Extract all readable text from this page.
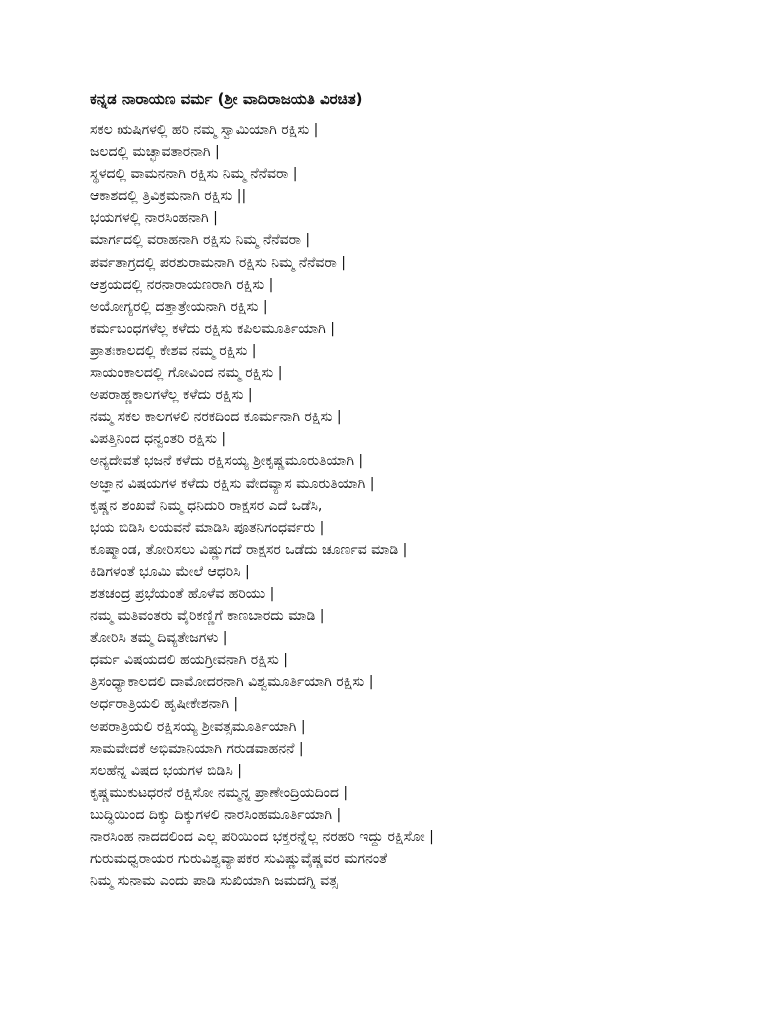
ಕನ್ನಡ ನಾರಾಯಣ ವರ್ಮ (ಶ್ರೀ ವಾದಿರಾಜಯತಿ ವಿರಚಿತ)
ಸಕಲ ಋಷಿಗಳಲ್ಲಿ ಹರಿ ನಮ್ಮ ಸ್ವಾಮಿಯಾಗಿ ರಕ್ಷಿಸು |
ಜಲದಲ್ಲಿ ಮಚ್ಛಾವತಾರನಾಗಿ |
ಸ್ಥಳದಲ್ಲಿ ವಾಮನನಾಗಿ ರಕ್ಷಿಸು ನಿಮ್ಮ ನೆನೆವರಾ |
ಆಕಾಶದಲ್ಲಿ ತ್ರಿವಿಕ್ರಮನಾಗಿ ರಕ್ಷಿಸು ||
ಭಯಗಳಲ್ಲಿ ನಾರಸಿಂಹನಾಗಿ |
ಮಾರ್ಗದಲ್ಲಿ ವರಾಹನಾಗಿ ರಕ್ಷಿಸು ನಿಮ್ಮ ನೆನೆವರಾ |
ಪರ್ವತಾಗ್ರದಲ್ಲಿ ಪರಶುರಾಮನಾಗಿ ರಕ್ಷಿಸು ನಿಮ್ಮ ನೆನೆವರಾ |
ಆಶ್ರಯದಲ್ಲಿ ನರನಾರಾಯಣರಾಗಿ ರಕ್ಷಿಸು |
ಅಯೋಗ್ಯರಲ್ಲಿ ದತ್ತಾತ್ರೇಯನಾಗಿ ರಕ್ಷಿಸು |
ಕರ್ಮಬಂಧಗಳೆಲ್ಲ ಕಳೆದು ರಕ್ಷಿಸು ಕಪಿಲಮೂರ್ತಿಯಾಗಿ |
ಪ್ರಾತಃಕಾಲದಲ್ಲಿ ಕೇಶವ ನಮ್ಮ ರಕ್ಷಿಸು |
ಸಾಯಂಕಾಲದಲ್ಲಿ ಗೋವಿಂದ ನಮ್ಮ ರಕ್ಷಿಸು |
ಅಪರಾಹ್ಣಕಾಲಗಳೆಲ್ಲ ಕಳೆದು ರಕ್ಷಿಸು |
ನಮ್ಮ ಸಕಲ ಕಾಲಗಳಲಿ ನರಕದಿಂದ ಕೂರ್ಮನಾಗಿ ರಕ್ಷಿಸು |
ವಿಪತ್ತಿನಿಂದ ಧನ್ವಂತರಿ ರಕ್ಷಿಸು |
ಅನ್ಯದೇವತೆ ಭಜನೆ ಕಳೆದು ರಕ್ಷಿಸಯ್ಯ ಶ್ರೀಕೃಷ್ಣಮೂರುತಿಯಾಗಿ |
ಅಜ್ಞಾನ ವಿಷಯಗಳ ಕಳೆದು ರಕ್ಷಿಸು ವೇದವ್ಯಾಸ ಮೂರುತಿಯಾಗಿ |
ಕೃಷ್ಣನ ಶಂಖವೆ ನಿಮ್ಮ ಧನಿದುರಿ ರಾಕ್ಷಸರ ಎದೆ ಒಡೆಸಿ,
ಭಯ ಬಿಡಿಸಿ ಲಯವನೆ ಮಾಡಿಸಿ ಪೂತನಿಗಂಧರ್ವರು |
ಕೂಷ್ಮಾಂಡ, ತೋರಿಸಲು ವಿಷ್ಣುಗದೆ ರಾಕ್ಷಸರ ಒಡೆದು ಚೂರ್ಣವ ಮಾಡಿ |
ಕಿಡಿಗಳಂತೆ ಭೂಮಿ ಮೇಲೆ ಆಧರಿಸಿ |
ಶತಚಂದ್ರ ಪ್ರಭೆಯಂತೆ ಹೊಳೆವ ಹರಿಯು |
ನಮ್ಮ ಮತಿವಂತರು ವೈರಿಕಣ್ಣಿಗೆ ಕಾಣಬಾರದು ಮಾಡಿ |
ತೋರಿಸಿ ತಮ್ಮ ದಿವ್ಯತೇಜಗಳು |
ಧರ್ಮ ವಿಷಯದಲಿ ಹಯಗ್ರೀವನಾಗಿ ರಕ್ಷಿಸು |
ತ್ರಿಸಂಧ್ಯಾಕಾಲದಲಿ ದಾಮೋದರನಾಗಿ ವಿಶ್ವಮೂರ್ತಿಯಾಗಿ ರಕ್ಷಿಸು |
ಅರ್ಧರಾತ್ರಿಯಲಿ ಹೃಷೀಕೇಶನಾಗಿ |
ಅಪರಾತ್ರಿಯಲಿ ರಕ್ಷಿಸಯ್ಯ ಶ್ರೀವತ್ಸಮೂರ್ತಿಯಾಗಿ |
ಸಾಮವೇದಕೆ ಅಭಿಮಾನಿಯಾಗಿ ಗರುಡವಾಹನನೆ |
ಸಲಹೆನ್ನ ವಿಷದ ಭಯಗಳ ಬಿಡಿಸಿ |
ಕೃಷ್ಣಮುಕುಟಧರನೆ ರಕ್ಷಿಸೋ ನಮ್ಮನ್ನ ಪ್ರಾಣೇಂದ್ರಿಯದಿಂದ |
ಬುದ್ಧಿಯಿಂದ ದಿಕ್ಕು ದಿಕ್ಕುಗಳಲಿ ನಾರಸಿಂಹಮೂರ್ತಿಯಾಗಿ |
ನಾರಸಿಂಹ ನಾದದಲಿಂದ ಎಲ್ಲ ಪರಿಯಿಂದ ಭಕ್ತರನ್ನೆಲ್ಲ ನರಹರಿ ಇದ್ದು ರಕ್ಷಿಸೋ |
ಗುರುಮಧ್ವರಾಯರ ಗುರುವಿಶ್ವವ್ಯಾಪಕರ ಸುವಿಷ್ಣುವೈಷ್ಣವರ ಮಗನಂತೆ
ನಿಮ್ಮ ಸುನಾಮ ಎಂದು ಪಾಡಿ ಸುಖಿಯಾಗಿ ಜಮದಗ್ನಿ ವತ್ಸ
